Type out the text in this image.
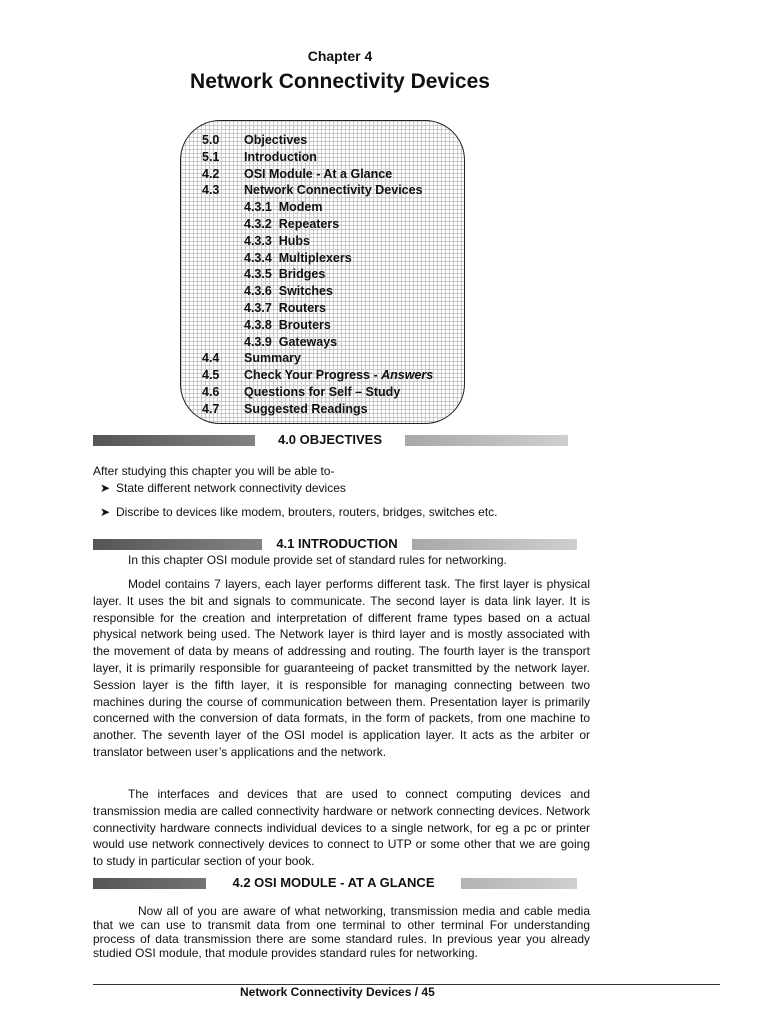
Chapter 4
Network Connectivity Devices
5.0 Objectives
5.1 Introduction
4.2 OSI Module - At a Glance
4.3 Network Connectivity Devices
4.3.1  Modem
4.3.2  Repeaters
4.3.3  Hubs
4.3.4  Multiplexers
4.3.5  Bridges
4.3.6  Switches
4.3.7  Routers
4.3.8  Brouters
4.3.9  Gateways
4.4 Summary
4.5 Check Your Progress - Answers
4.6 Questions for Self – Study
4.7 Suggested Readings
4.0 OBJECTIVES
After studying this chapter you will be able to-
➤ State different network connectivity devices
➤ Discribe to devices like modem, brouters, routers, bridges, switches etc.
4.1 INTRODUCTION
In this chapter OSI module provide set of standard rules for networking.
Model contains 7 layers, each layer performs different task. The first layer is physical layer. It uses the bit and signals to communicate. The second layer is data link layer. It is responsible for the creation and interpretation of different frame types based on a actual physical network being used. The Network layer is third layer and is mostly associated with the movement of data by means of addressing and routing. The fourth layer is the transport layer, it is primarily responsible for guaranteeing of packet transmitted by the network layer. Session layer is the fifth layer, it is responsible for managing connecting between two machines during the course of communication between them. Presentation layer is primarily concerned with the conversion of data formats, in the form of packets, from one machine to another. The seventh layer of the OSI model is application layer. It acts as the arbiter or translator between user’s applications and the network.
The interfaces and devices that are used to connect computing devices and transmission media are called connectivity hardware or network connecting devices. Network connectivity hardware connects individual devices to a single network, for eg a pc or printer would use network connectively devices to connect to UTP or some other that we are going to study in particular section of your book.
4.2 OSI MODULE - AT A GLANCE
Now all of you are aware of what networking, transmission media and cable media that we can use to transmit data from one terminal to other terminal For understanding process of data transmission there are some standard rules. In previous year you already studied OSI module, that module provides standard rules for networking.
Network Connectivity Devices / 45
